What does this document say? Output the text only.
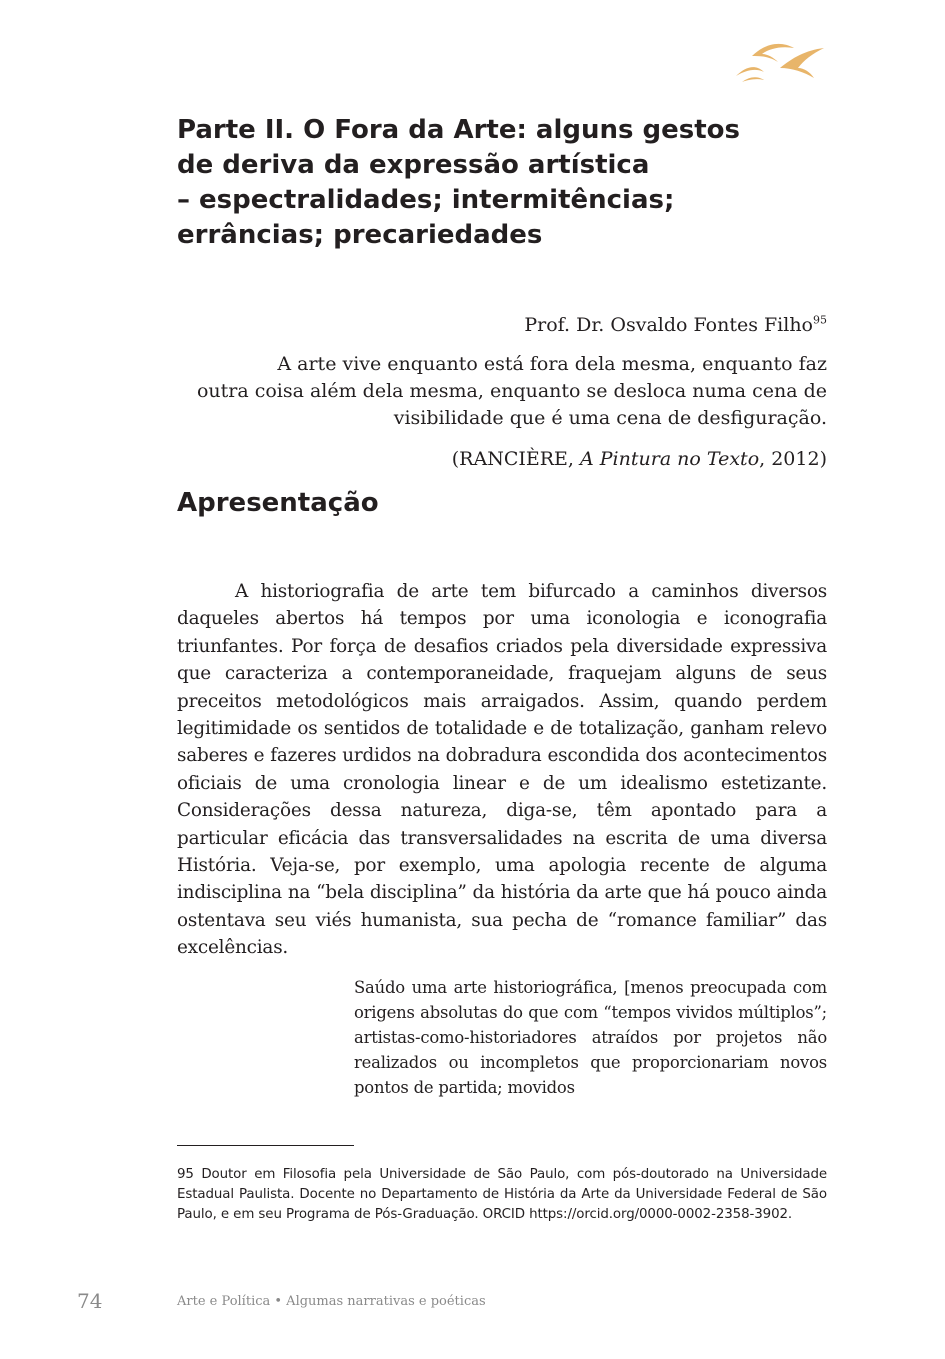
Parte II. O Fora da Arte: alguns gestos
de deriva da expressão artística
– espectralidades; intermitências;
errâncias; precariedades

Prof. Dr. Osvaldo Fontes Filho$^{95}$

A arte vive enquanto está fora dela mesma, enquanto faz
outra coisa além dela mesma, enquanto se desloca numa cena de
visibilidade que é uma cena de desfiguração.

(RANCIÈRE, A Pintura no Texto, 2012)

Apresentação

A historiografia de arte tem bifurcado a caminhos diversos daqueles abertos há tempos por uma iconologia e iconografia triunfantes. Por força de desafios criados pela diversidade expressiva que caracteriza a contemporaneidade, fraquejam alguns de seus preceitos metodológicos mais arraigados. Assim, quando perdem legitimidade os sentidos de totalidade e de totalização, ganham relevo saberes e fazeres urdidos na dobradura escondida dos acontecimentos oficiais de uma cronologia linear e de um idealismo estetizante. Considerações dessa natureza, diga-se, têm apontado para a particular eficácia das transversalidades na escrita de uma diversa História. Veja-se, por exemplo, uma apologia recente de alguma indisciplina na “bela disciplina” da história da arte que há pouco ainda ostentava seu viés humanista, sua pecha de “romance familiar” das excelências.

Saúdo uma arte historiográfica, [menos preocupada com origens absolutas do que com “tempos vividos múltiplos”; artistas-como-historiadores atraídos por projetos não realizados ou incompletos que proporcionariam novos pontos de partida; movidos

95 Doutor em Filosofia pela Universidade de São Paulo, com pós-doutorado na Universidade Estadual Paulista. Docente no Departamento de História da Arte da Universidade Federal de São Paulo, e em seu Programa de Pós-Graduação. ORCID https://orcid.org/0000-0002-2358-3902.

74	Arte e Política • Algumas narrativas e poéticas
